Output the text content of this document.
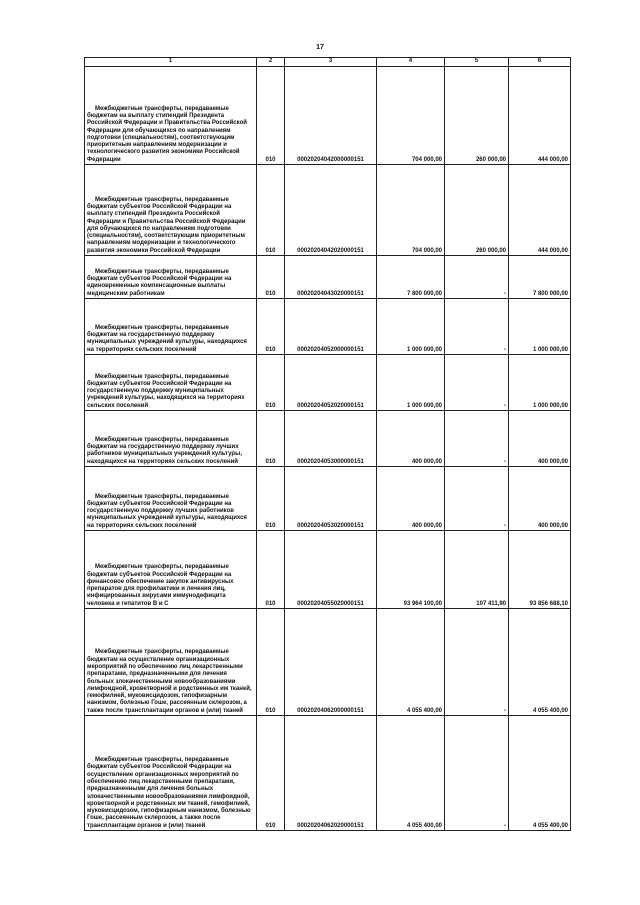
17
1	2	3	4	5	6
Межбюджетные трансферты, передаваемые бюджетам на выплату стипендий Президента Российской Федерации и Правительства Российской Федерации для обучающихся по направлениям подготовки (специальностям), соответствующим приоритетным направлениям модернизации и технологического развития экономики Российской Федерации	010	00020204042000000151	704 000,00	260 000,00	444 000,00
Межбюджетные трансферты, передаваемые бюджетам субъектов Российской Федерации на выплату стипендий Президента Российской Федерации и Правительства Российской Федерации для обучающихся по направлениям подготовки (специальностям), соответствующим приоритетным направлениям модернизации и технологического развития экономики Российской Федерации	010	00020204042020000151	704 000,00	260 000,00	444 000,00
Межбюджетные трансферты, передаваемые бюджетам субъектов Российской Федерации на единовременные компенсационные выплаты медицинским работникам	010	00020204043020000151	7 800 000,00	-	7 800 000,00
Межбюджетные трансферты, передаваемые бюджетам на государственную поддержку муниципальных учреждений культуры, находящихся на территориях сельских поселений	010	00020204052000000151	1 000 000,00	-	1 000 000,00
Межбюджетные трансферты, передаваемые бюджетам субъектов Российской Федерации на государственную поддержку муниципальных учреждений культуры, находящихся на территориях сельских поселений	010	00020204052020000151	1 000 000,00	-	1 000 000,00
Межбюджетные трансферты, передаваемые бюджетам на государственную поддержку лучших работников муниципальных учреждений культуры, находящихся на территориях сельских поселений	010	00020204053000000151	400 000,00	-	400 000,00
Межбюджетные трансферты, передаваемые бюджетам субъектов Российской Федерации на государственную поддержку лучших работников муниципальных учреждений культуры, находящихся на территориях сельских поселений	010	00020204053020000151	400 000,00	-	400 000,00
Межбюджетные трансферты, передаваемые бюджетам субъектов Российской Федерации на финансовое обеспечение закупок антивирусных препаратов для профилактики и лечения лиц, инфицированных вирусами иммунодефицита человека и гепатитов B и C	010	00020204055020000151	93 964 100,00	107 411,90	93 856 688,10
Межбюджетные трансферты, передаваемые бюджетам на осуществление организационных мероприятий по обеспечению лиц лекарственными препаратами, предназначенными для лечения больных злокачественными новообразованиями лимфоидной, кроветворной и родственных им тканей, гемофилией, муковисцидозом, гипофизарным нанизмом, болезнью Гоше, рассеянным склерозом, а также после трансплантации органов и (или) тканей	010	00020204062000000151	4 055 400,00	-	4 055 400,00
Межбюджетные трансферты, передаваемые бюджетам субъектов Российской Федерации на осуществление организационных мероприятий по обеспечению лиц лекарственными препаратами, предназначенными для лечения больных злокачественными новообразованиями лимфоидной, кроветворной и родственных им тканей, гемофилией, муковисцидозом, гипофизарным нанизмом, болезнью Гоше, рассеянным склерозом, а также после трансплантации органов и (или) тканей	010	00020204062020000151	4 055 400,00	-	4 055 400,00
